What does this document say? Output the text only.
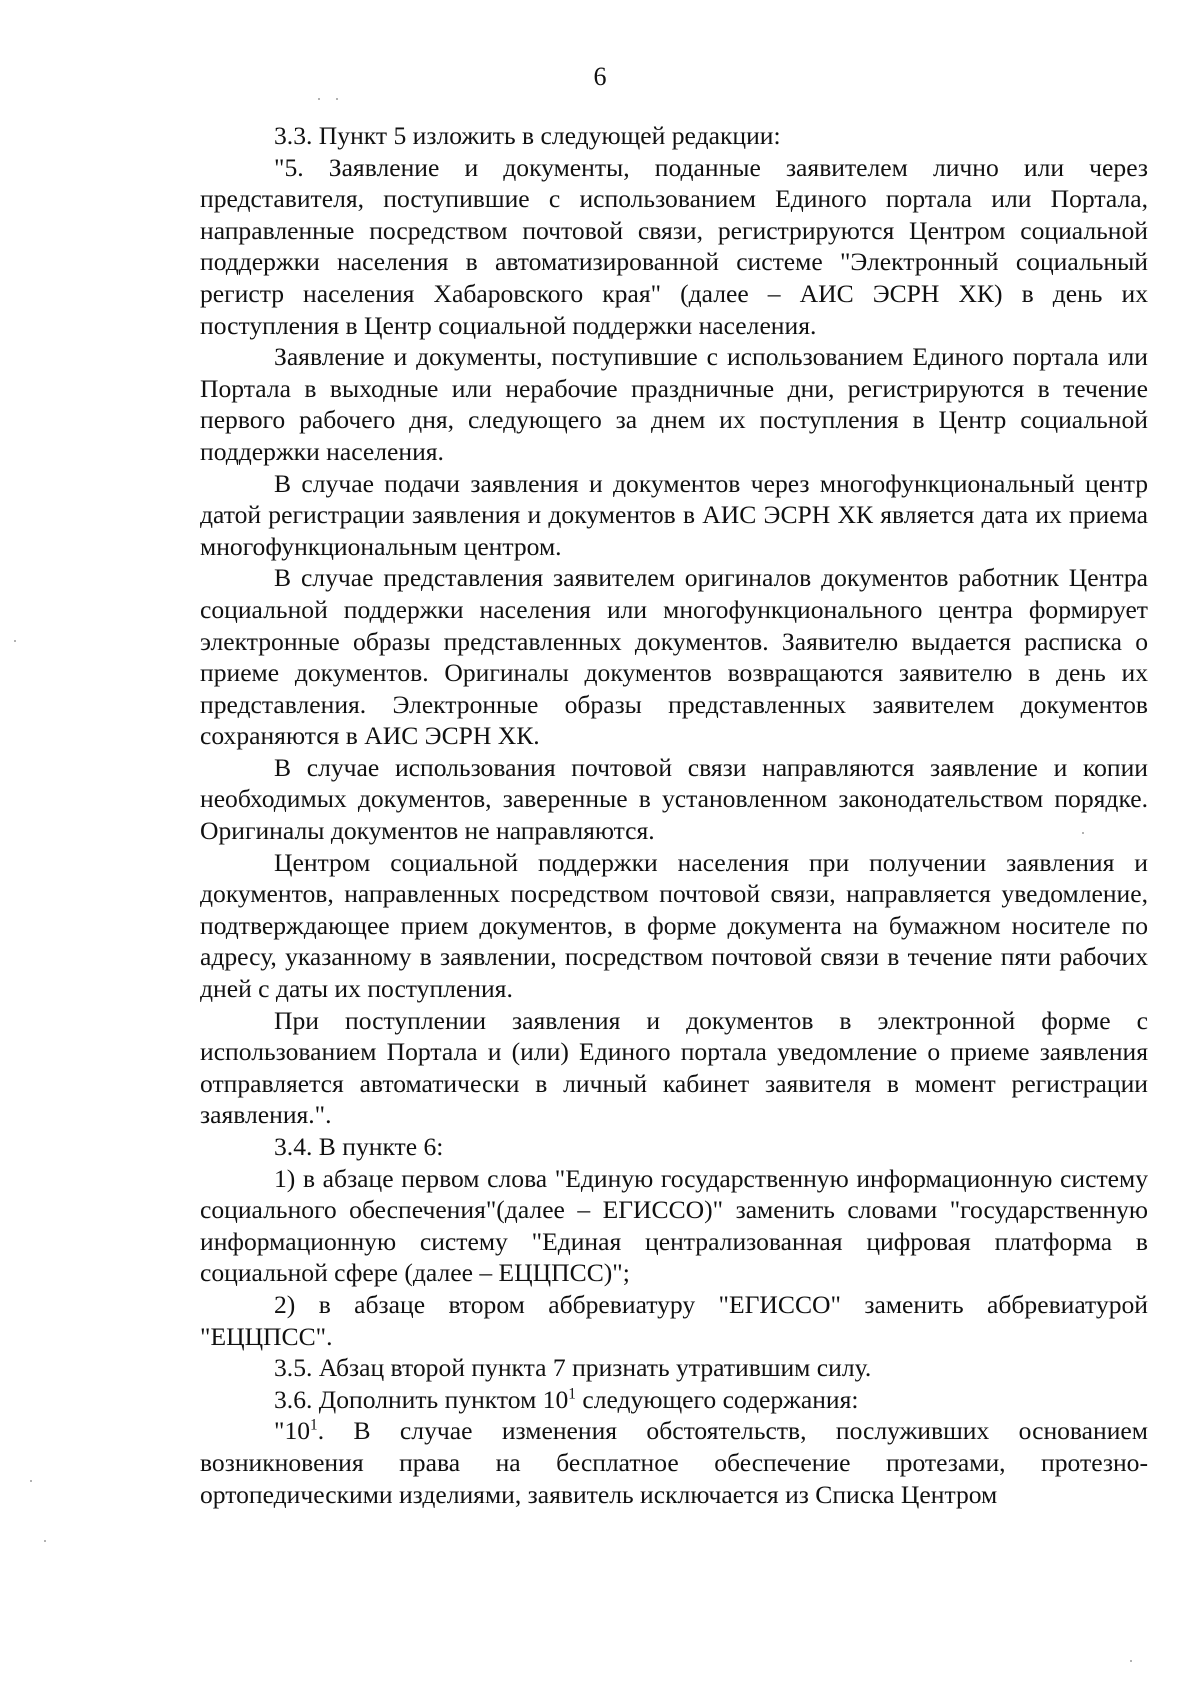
6

3.3. Пункт 5 изложить в следующей редакции:

"5. Заявление и документы, поданные заявителем лично или через представителя, поступившие с использованием Единого портала или Портала, направленные посредством почтовой связи, регистрируются Центром социальной поддержки населения в автоматизированной системе "Электронный социальный регистр населения Хабаровского края" (далее – АИС ЭСРН ХК) в день их поступления в Центр социальной поддержки населения.

Заявление и документы, поступившие с использованием Единого портала или Портала в выходные или нерабочие праздничные дни, регистрируются в течение первого рабочего дня, следующего за днем их поступления в Центр социальной поддержки населения.

В случае подачи заявления и документов через многофункциональный центр датой регистрации заявления и документов в АИС ЭСРН ХК является дата их приема многофункциональным центром.

В случае представления заявителем оригиналов документов работник Центра социальной поддержки населения или многофункционального центра формирует электронные образы представленных документов. Заявителю выдается расписка о приеме документов. Оригиналы документов возвращаются заявителю в день их представления. Электронные образы представленных заявителем документов сохраняются в АИС ЭСРН ХК.

В случае использования почтовой связи направляются заявление и копии необходимых документов, заверенные в установленном законодательством порядке. Оригиналы документов не направляются.

Центром социальной поддержки населения при получении заявления и документов, направленных посредством почтовой связи, направляется уведомление, подтверждающее прием документов, в форме документа на бумажном носителе по адресу, указанному в заявлении, посредством почтовой связи в течение пяти рабочих дней с даты их поступления.

При поступлении заявления и документов в электронной форме с использованием Портала и (или) Единого портала уведомление о приеме заявления отправляется автоматически в личный кабинет заявителя в момент регистрации заявления.".

3.4. В пункте 6:

1) в абзаце первом слова "Единую государственную информационную систему социального обеспечения"(далее – ЕГИССО)" заменить словами "государственную информационную систему "Единая централизованная цифровая платформа в социальной сфере (далее – ЕЦЦПСС)";

2) в абзаце втором аббревиатуру "ЕГИССО" заменить аббревиатурой "ЕЦЦПСС".

3.5. Абзац второй пункта 7 признать утратившим силу.

3.6. Дополнить пунктом $10^1$ следующего содержания:

"$10^1$. В случае изменения обстоятельств, послуживших основанием возникновения права на бесплатное обеспечение протезами, протезно-ортопедическими изделиями, заявитель исключается из Списка Центром
